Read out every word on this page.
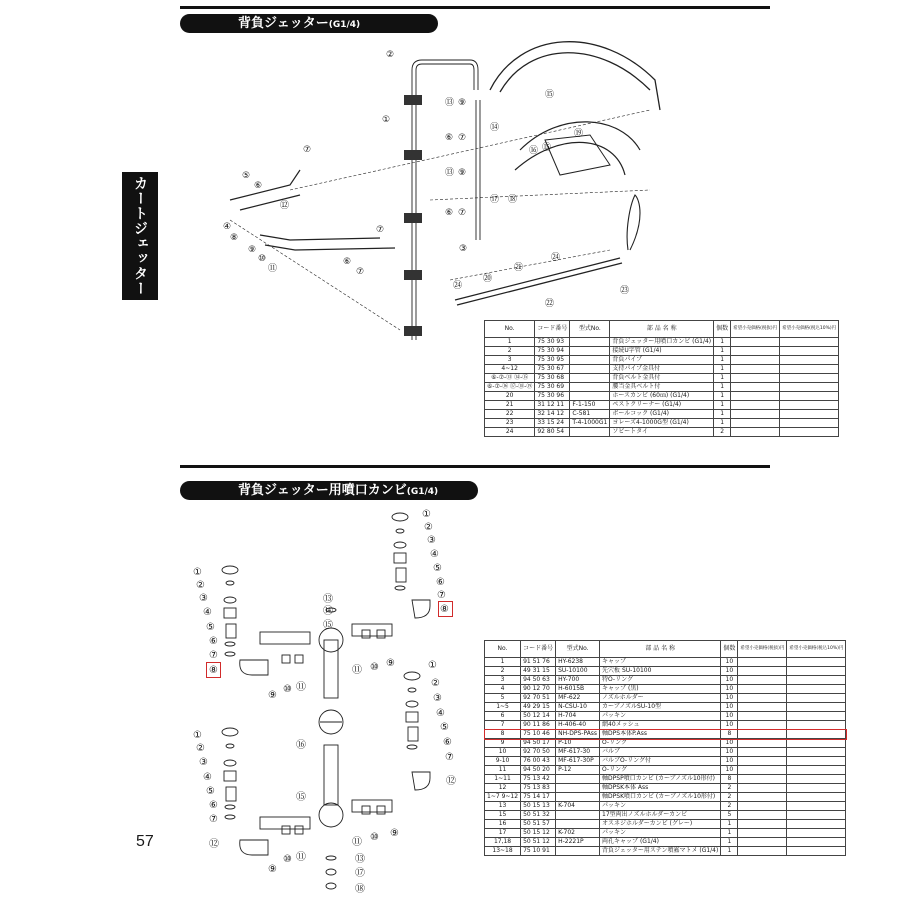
背負ジェッター(G1/4)
背負ジェッター用噴口カンビ(G1/4)
カートジェッター
57
②
①
⑬ ⑨
⑥ ⑦
⑮
⑭
⑲
⑯ ⑮
⑰ ⑱
⑬ ⑨
⑥ ⑦
⑦
⑤
⑥
④
⑧
⑫
⑨
⑩
⑪
⑥
⑦
⑦
③
⑳
㉑
㉔
㉔
㉒
㉓
①
②
③
④
⑤
⑥
⑦
⑧
①
②
③
④
⑤
⑥
⑦
⑧
⑨
⑩ ⑪
⑪ ⑩ ⑨
⑬
⑭
⑮
⑯
⑮
①
②
③
④
⑤
⑥
⑦
⑫
①
②
③
④
⑤
⑥
⑦
⑫
⑨
⑩ ⑪
⑪ ⑩ ⑨
⑬
⑰
⑱
No.	コード番号	型式No.	部 品 名 称	個数	希望小売価格(税抜)円	希望小売価格(税込10%)円
1	75 30 93		背負ジェッター用噴口カンビ (G1/4)	1		
2	75 30 94		接続U字管 (G1/4)	1		
3	75 30 95		背負パイプ	1		
4~12	75 30 67		支持パイプ金具付	1		
⑥-⑦-⑬ ⑭-⑮	75 30 68		背負ベルト金具付	1		
⑥-⑦-⑯ ⑰-⑱-⑲	75 30 69		腰当金具ベルト付	1		
20	75 30 96		ホースカンビ (60㎝) (G1/4)	1		
21	31 12 11	F-1-150	ペストクリーナー (G1/4)	1		
22	32 14 12	C-581	ボールコック (G1/4)	1		
23	33 15 24	T-4-1000G1	ヨレーズ4-1000G型 (G1/4)	1		
24	92 80 54		ソビートタイ	2		
No.	コード番号	型式No.	部 品 名 称	個数	希望小売価格(税抜)円	希望小売価格(税込10%)円
1	91 51 76	HY-6238	キャップ	10		
2	49 31 15	SU-10100	先穴板 SU-10100	10		
3	94 50 63	HY-700	特O-リング	10		
4	90 12 70	H-6015B	キャップ (黒)	10		
5	92 70 51	MF-622	ノズルホルダー	10		
1~5	49 29 15	N-CSU-10	カーブノズルSU-10型	10		
6	50 12 14	H-704	パッキン	10		
7	90 11 86	H-406-40	網40メッシュ	10		
8	75 10 46	NH-DPS-PAss	軸DPS本体P.Ass	8		
9	94 50 17	P-10	O-リング	10		
10	92 70 50	MF-617-30	バルブ	10		
9-10	76 00 43	MF-617-30P	バルブO-リング付	10		
11	94 50 20	P-12	O-リング	10		
1~11	75 13 42		軸DPSP噴口カンビ (カーブノズル10形付)	8		
12	75 13 83		軸DPSK本体 Ass	2		
1~7 9~12	75 14 17		軸DPSK噴口カンビ (カーブノズル10形付)	2		
13	50 15 13	K-704	パッキン	2		
15	50 51 32		17型両出ノズルホルダーカンビ	5		
16	50 51 57		オスネジホルダーカンビ (グレー)	1		
17	50 15 12	K-702	パッキン	1		
17,18	50 51 12	H-2221P	両孔キャップ (G1/4)	1		
13~18	75 10 91		背負ジェッター用ステン噴霧マトメ (G1/4)	1		
